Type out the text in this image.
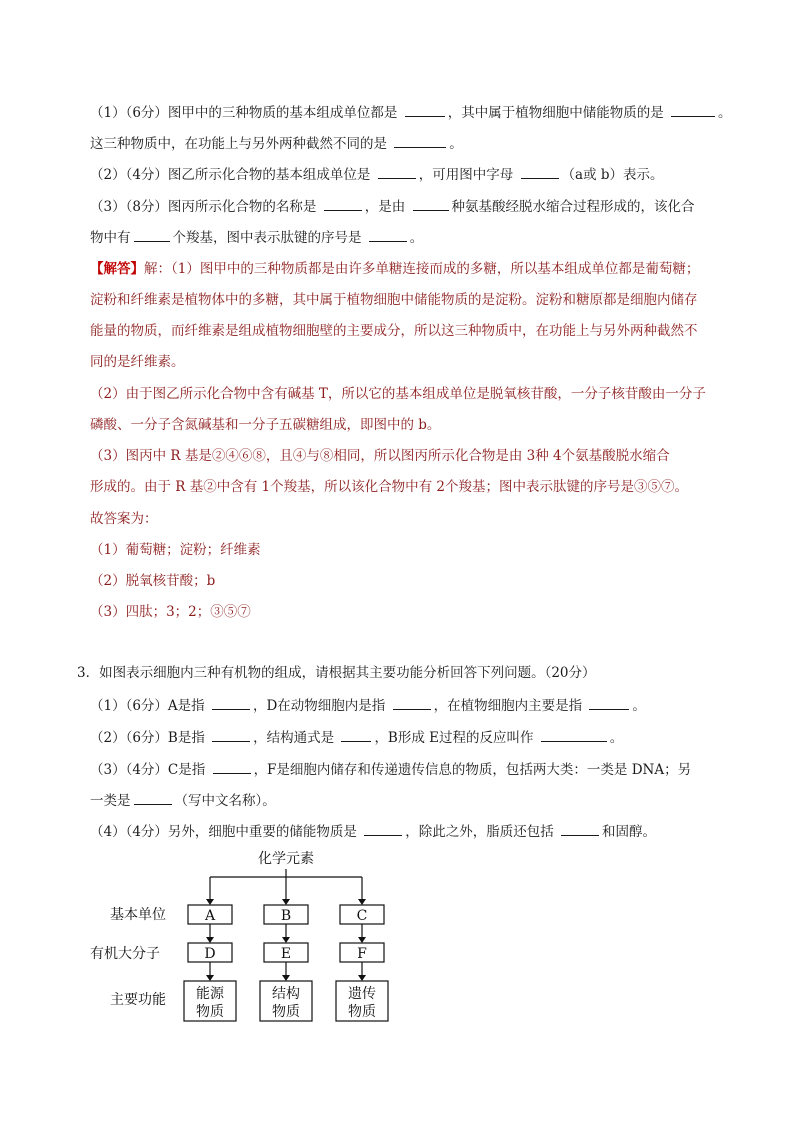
（1）（6分）图甲中的三种物质的基本组成单位都是	，其中属于植物细胞中储能物质的是	。
这三种物质中，在功能上与另外两种截然不同的是	。
（2）（4分）图乙所示化合物的基本组成单位是	，可用图中字母	（a或 b）表示。
（3）（8分）图丙所示化合物的名称是	，是由	种氨基酸经脱水缩合过程形成的，该化合
物中有	个羧基，图中表示肽键的序号是	。
【解答】解：（1）图甲中的三种物质都是由许多单糖连接而成的多糖，所以基本组成单位都是葡萄糖；
淀粉和纤维素是植物体中的多糖，其中属于植物细胞中储能物质的是淀粉。淀粉和糖原都是细胞内储存
能量的物质，而纤维素是组成植物细胞壁的主要成分，所以这三种物质中，在功能上与另外两种截然不
同的是纤维素。
（2）由于图乙所示化合物中含有碱基 T，所以它的基本组成单位是脱氧核苷酸，一分子核苷酸由一分子
磷酸、一分子含氮碱基和一分子五碳糖组成，即图中的 b。
（3）图丙中 R 基是②④⑥⑧，且④与⑧相同，所以图丙所示化合物是由 3种 4个氨基酸脱水缩合
形成的。由于 R 基②中含有 1个羧基，所以该化合物中有 2个羧基；图中表示肽键的序号是③⑤⑦。
故答案为：
（1）葡萄糖；淀粉；纤维素
（2）脱氧核苷酸；b
（3）四肽；3；2；③⑤⑦
3．如图表示细胞内三种有机物的组成，请根据其主要功能分析回答下列问题。（20分）
（1）（6分）A是指	，D在动物细胞内是指	，在植物细胞内主要是指	。
（2）（6分）B是指	，结构通式是	，B形成 E过程的反应叫作	。
（3）（4分）C是指	，F是细胞内储存和传递遗传信息的物质，包括两大类：一类是 DNA；另
一类是	（写中文名称）。
（4）（4分）另外，细胞中重要的储能物质是	，除此之外，脂质还包括	和固醇。
化学元素
基本单位
有机大分子
主要功能
A	B	C
D	E	F
能源
物质
结构
物质
遗传
物质
